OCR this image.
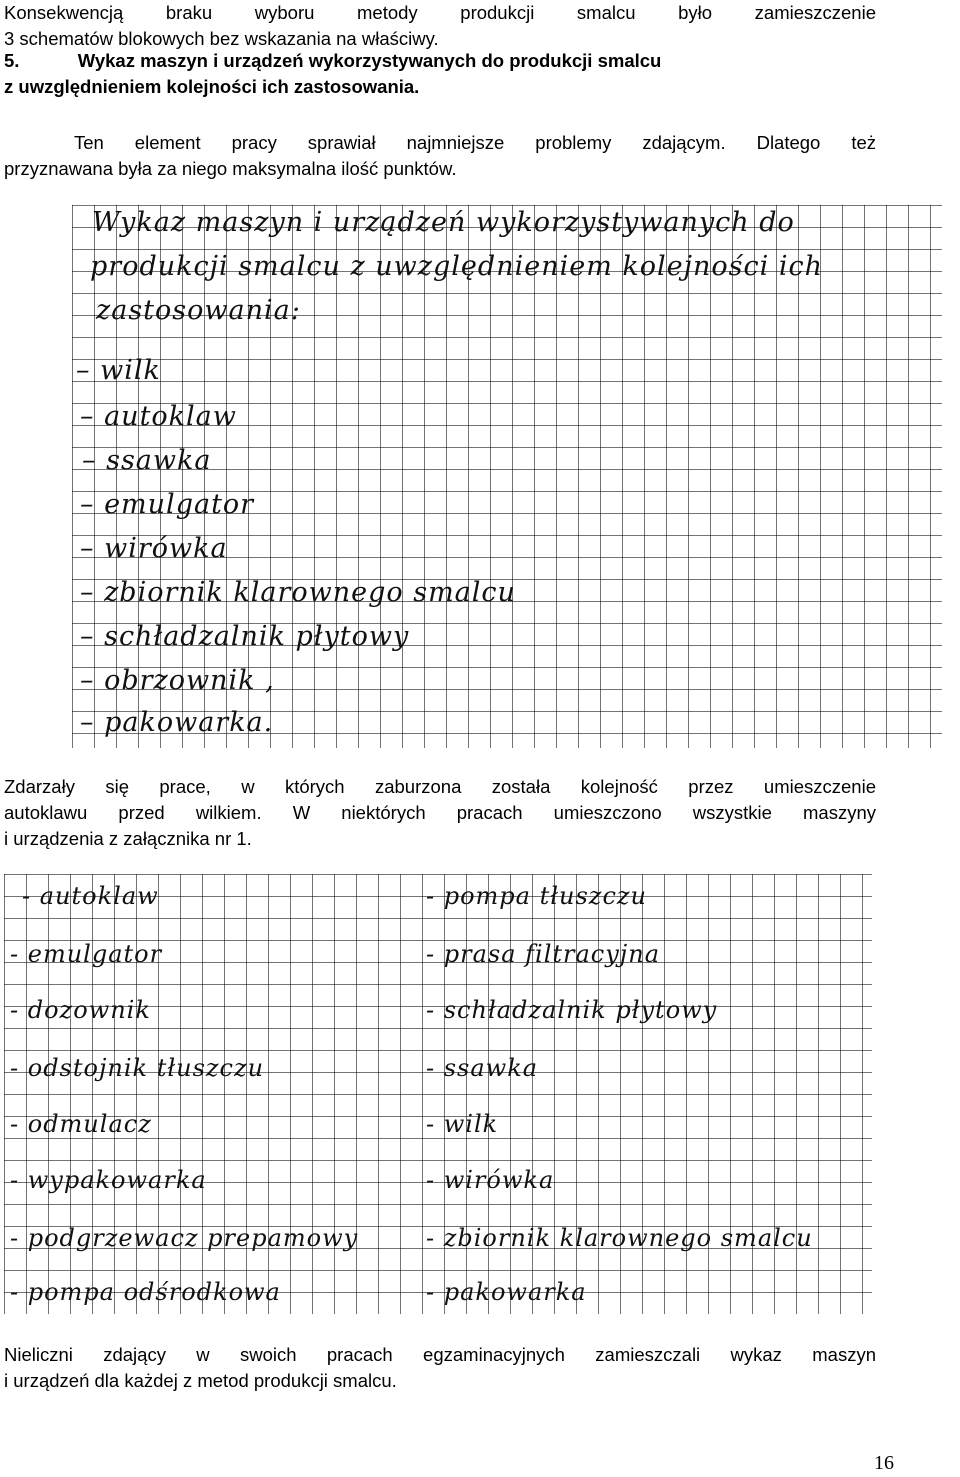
Konsekwencją braku wyboru metody produkcji smalcu było zamieszczenie
3 schematów blokowych bez wskazania na właściwy.
5.	Wykaz maszyn i urządzeń wykorzystywanych do produkcji smalcu
z uwzględnieniem kolejności ich zastosowania.
Ten element pracy sprawiał najmniejsze problemy zdającym. Dlatego też
przyznawana była za niego maksymalna ilość punktów.
Wykaz maszyn i urządzeń wykorzystywanych do
produkcji smalcu z uwzględnieniem kolejności ich
zastosowania:
– wilk
– autoklaw
– ssawka
– emulgator
– wirówka
– zbiornik klarownego smalcu
– schładzalnik płytowy
– obrzownik ,
– pakowarka.
Zdarzały się prace, w których zaburzona została kolejność przez umieszczenie
autoklawu przed wilkiem. W niektórych pracach umieszczono wszystkie maszyny
i urządzenia z załącznika nr 1.
- autoklaw
- emulgator
- dozownik
- odstojnik tłuszczu
- odmulacz
- wypakowarka
- podgrzewacz prepamowy
- pompa odśrodkowa
- pompa tłuszczu
- prasa filtracyjna
- schładzalnik płytowy
- ssawka
- wilk
- wirówka
- zbiornik klarownego smalcu
- pakowarka
Nieliczni zdający w swoich pracach egzaminacyjnych zamieszczali wykaz maszyn
i urządzeń dla każdej z metod produkcji smalcu.
16
